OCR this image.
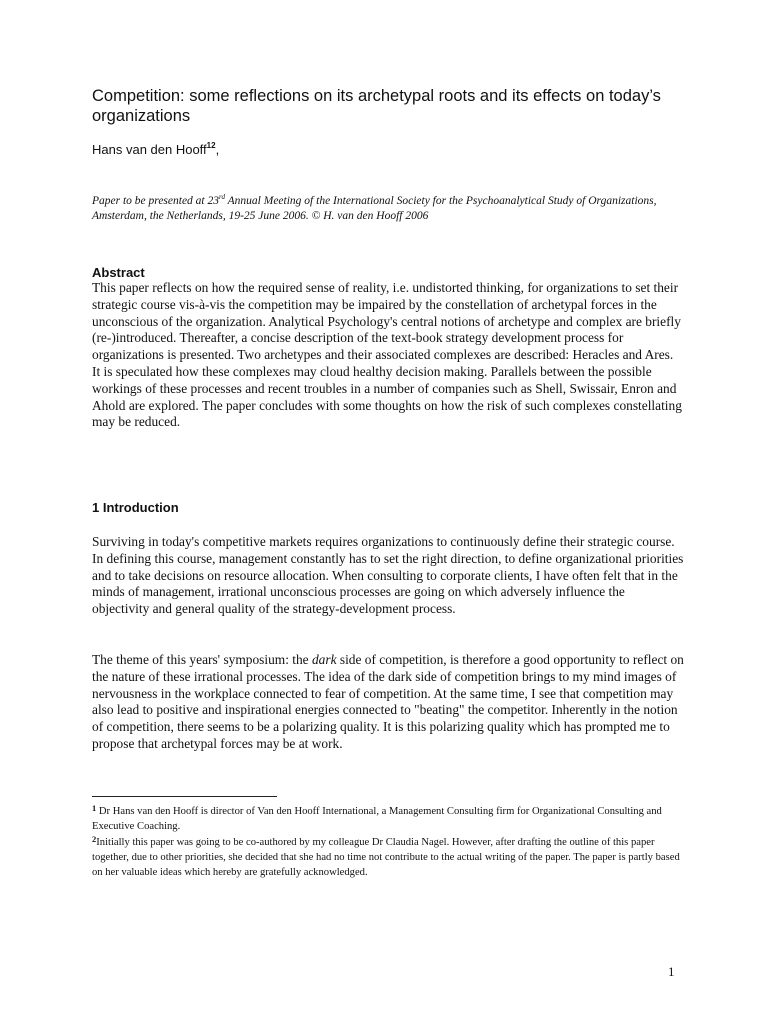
Competition: some reflections on its archetypal roots and its effects on today’s organizations
Hans van den Hooff$^{12}$,
Paper to be presented at 23rd Annual Meeting of the International Society for the Psychoanalytical Study of Organizations, Amsterdam, the Netherlands, 19-25 June 2006. © H. van den Hooff 2006
Abstract
This paper reflects on how the required sense of reality, i.e. undistorted thinking, for organizations to set their strategic course vis-à-vis the competition may be impaired by the constellation of archetypal forces in the unconscious of the organization. Analytical Psychology's central notions of archetype and complex are briefly (re-)introduced. Thereafter, a concise description of the text-book strategy development process for organizations is presented. Two archetypes and their associated complexes are described: Heracles and Ares. It is speculated how these complexes may cloud healthy decision making. Parallels between the possible workings of these processes and recent troubles in a number of companies such as Shell, Swissair, Enron and Ahold are explored. The paper concludes with some thoughts on how the risk of such complexes constellating may be reduced.
1 Introduction
Surviving in today's competitive markets requires organizations to continuously define their strategic course. In defining this course, management constantly has to set the right direction, to define organizational priorities and to take decisions on resource allocation. When consulting to corporate clients, I have often felt that in the minds of management, irrational unconscious processes are going on which adversely influence the objectivity and general quality of the strategy-development process.
The theme of this years' symposium: the dark side of competition, is therefore a good opportunity to reflect on the nature of these irrational processes. The idea of the dark side of competition brings to my mind images of nervousness in the workplace connected to fear of competition. At the same time, I see that competition may also lead to positive and inspirational energies connected to "beating" the competitor. Inherently in the notion of competition, there seems to be a polarizing quality. It is this polarizing quality which has prompted me to propose that archetypal forces may be at work.
$^1$ Dr Hans van den Hooff is director of Van den Hooff International, a Management Consulting firm for Organizational Consulting and Executive Coaching.
$^2$Initially this paper was going to be co-authored by my colleague Dr Claudia Nagel. However, after drafting the outline of this paper together, due to other priorities, she decided that she had no time not contribute to the actual writing of the paper. The paper is partly based on her valuable ideas which hereby are gratefully acknowledged.
1
